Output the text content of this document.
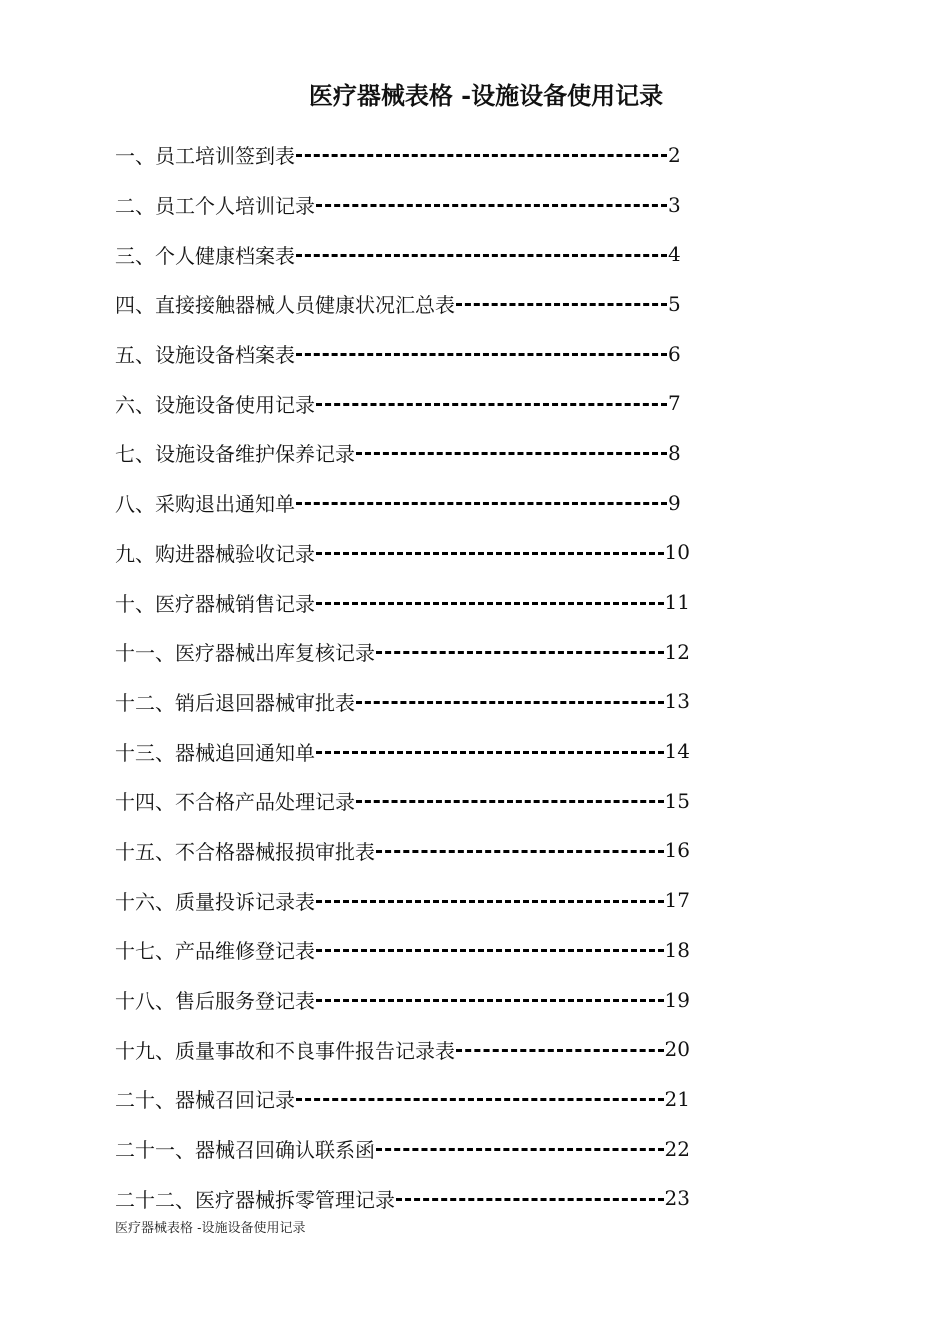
医疗器械表格 -设施设备使用记录
一、员工培训签到表	2
二、员工个人培训记录	3
三、个人健康档案表	4
四、直接接触器械人员健康状况汇总表	5
五、设施设备档案表	6
六、设施设备使用记录	7
七、设施设备维护保养记录	8
八、采购退出通知单	9
九、购进器械验收记录	10
十、医疗器械销售记录	11
十一、医疗器械出库复核记录	12
十二、销后退回器械审批表	13
十三、器械追回通知单	14
十四、不合格产品处理记录	15
十五、不合格器械报损审批表	16
十六、质量投诉记录表	17
十七、产品维修登记表	18
十八、售后服务登记表	19
十九、质量事故和不良事件报告记录表	20
二十、器械召回记录	21
二十一、器械召回确认联系函	22
二十二、医疗器械拆零管理记录	23
医疗器械表格 -设施设备使用记录
